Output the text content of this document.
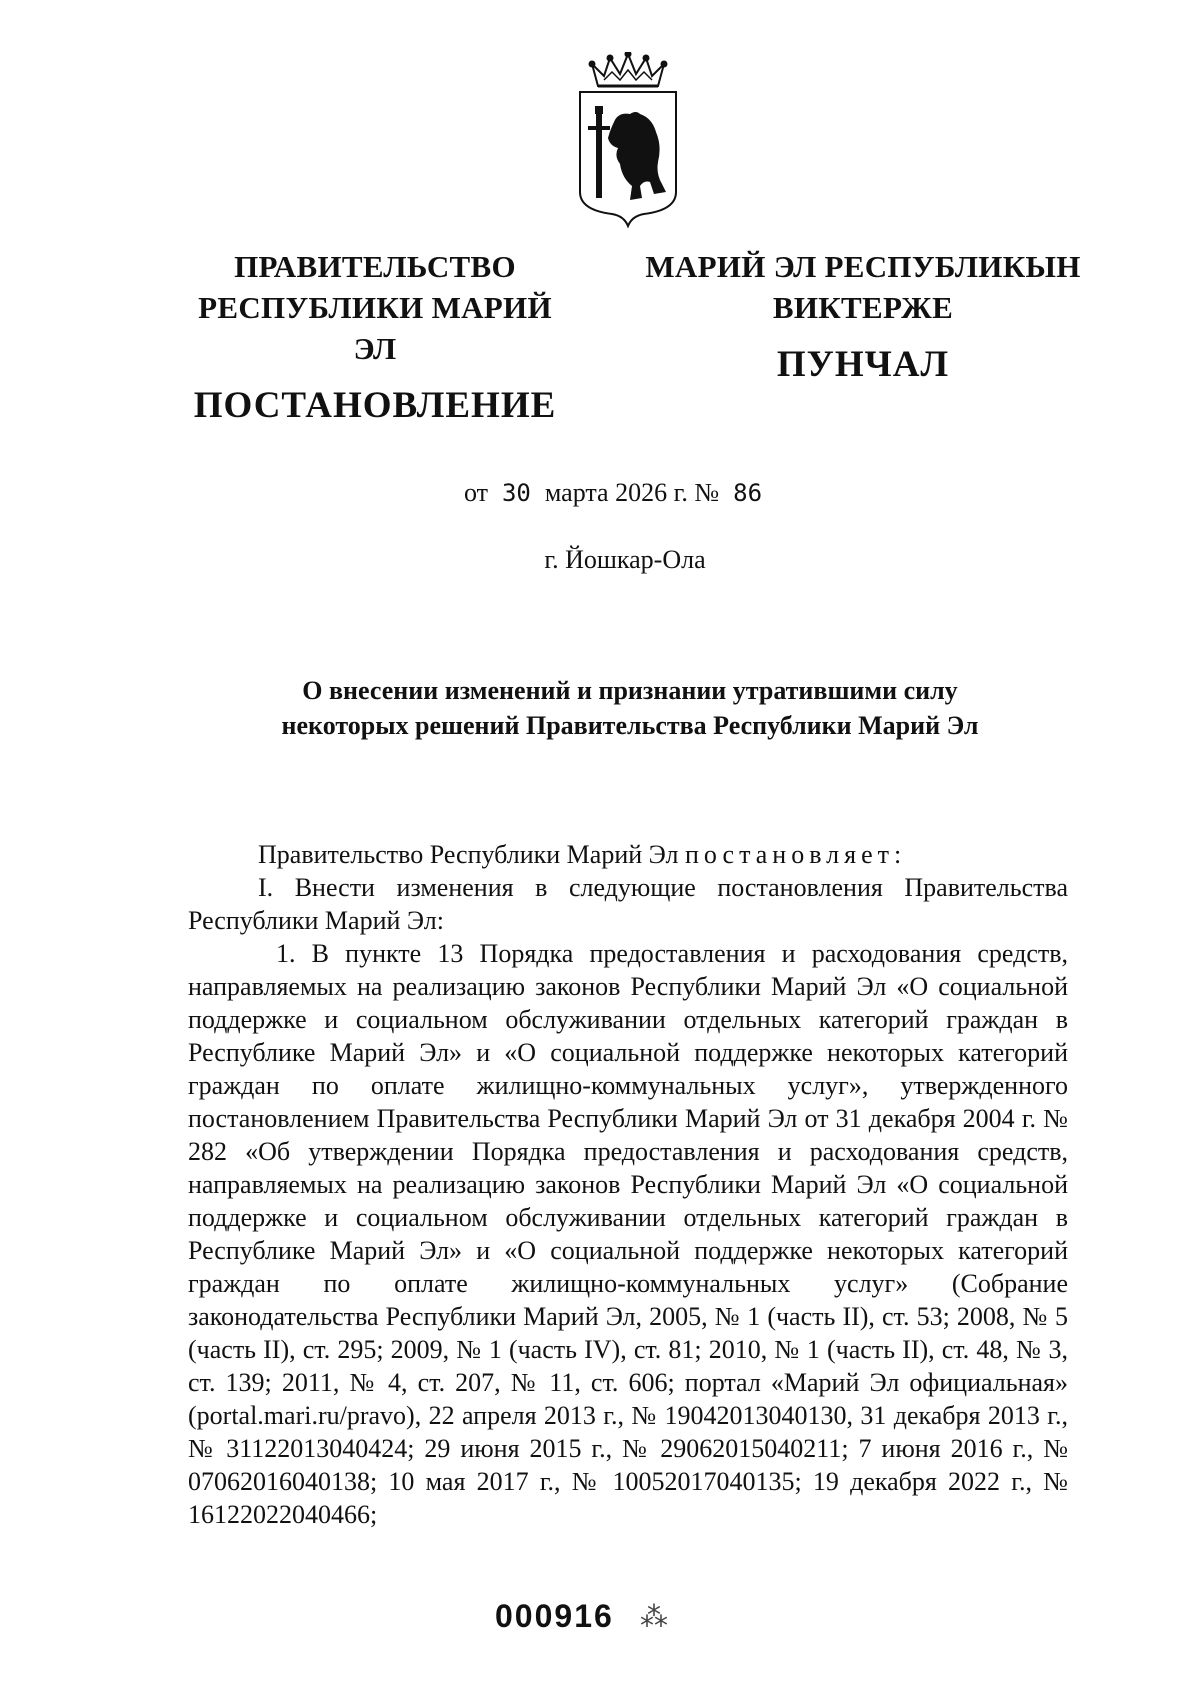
ПРАВИТЕЛЬСТВО
РЕСПУБЛИКИ МАРИЙ ЭЛ
ПОСТАНОВЛЕНИЕ
МАРИЙ ЭЛ РЕСПУБЛИКЫН
ВИКТЕРЖЕ
ПУНЧАЛ
от 30 марта 2026 г. № 86
г. Йошкар-Ола
О внесении изменений и признании утратившими силу
некоторых решений Правительства Республики Марий Эл

Правительство Республики Марий Эл постановляет:

I. Внести изменения в следующие постановления Правительства Республики Марий Эл:

1. В пункте 13 Порядка предоставления и расходования средств, направляемых на реализацию законов Республики Марий Эл «О социальной поддержке и социальном обслуживании отдельных категорий граждан в Республике Марий Эл» и «О социальной поддержке некоторых категорий граждан по оплате жилищно-коммунальных услуг», утвержденного постановлением Правительства Республики Марий Эл от 31 декабря 2004 г. № 282 «Об утверждении Порядка предоставления и расходования средств, направляемых на реализацию законов Республики Марий Эл «О социальной поддержке и социальном обслуживании отдельных категорий граждан в Республике Марий Эл» и «О социальной поддержке некоторых категорий граждан по оплате жилищно-коммунальных услуг» (Собрание законодательства Республики Марий Эл, 2005, № 1 (часть II), ст. 53; 2008, № 5 (часть II), ст. 295; 2009, № 1 (часть IV), ст. 81; 2010, № 1 (часть II), ст. 48, № 3, ст. 139; 2011, № 4, ст. 207, № 11, ст. 606; портал «Марий Эл официальная» (portal.mari.ru/pravo), 22 апреля 2013 г., № 19042013040130, 31 декабря 2013 г., № 31122013040424; 29 июня 2015 г., № 29062015040211; 7 июня 2016 г., № 07062016040138; 10 мая 2017 г., № 10052017040135; 19 декабря 2022 г., № 16122022040466;

000916 ⁂
